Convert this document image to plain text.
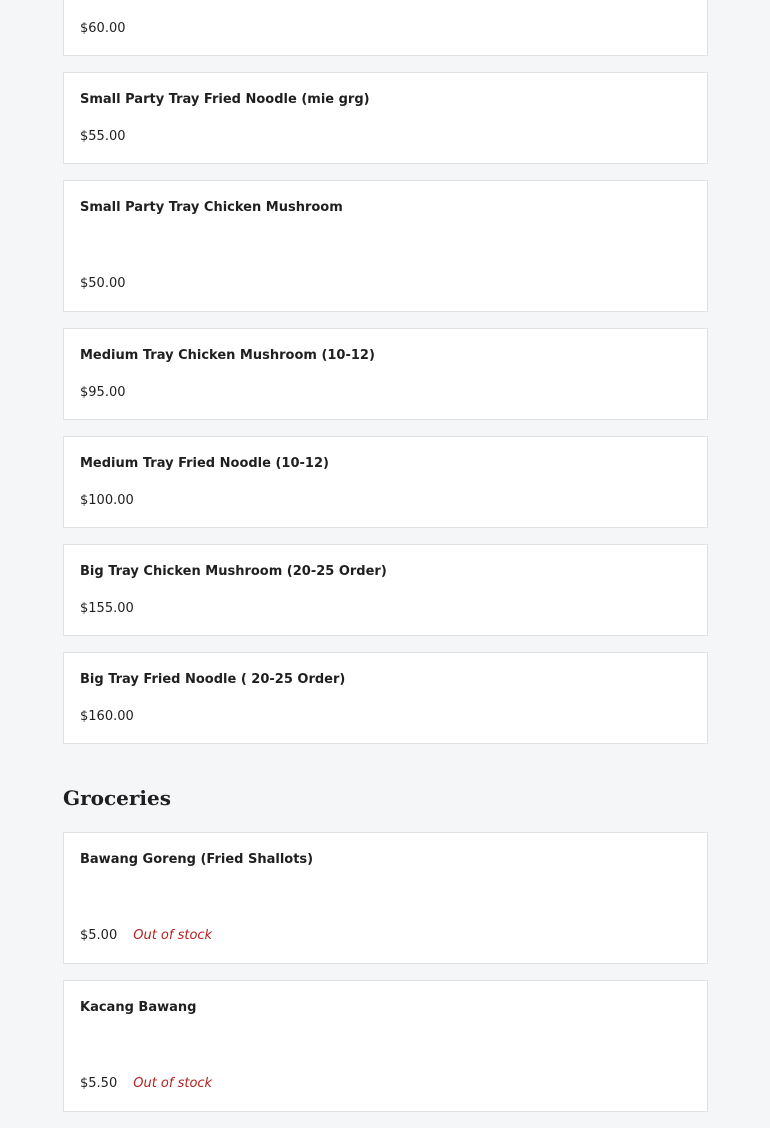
$60.00
Small Party Tray Fried Noodle (mie grg)
$55.00
Small Party Tray Chicken Mushroom
$50.00
Medium Tray Chicken Mushroom (10-12)
$95.00
Medium Tray Fried Noodle (10-12)
$100.00
Big Tray Chicken Mushroom (20-25 Order)
$155.00
Big Tray Fried Noodle ( 20-25 Order)
$160.00
Groceries
Bawang Goreng (Fried Shallots)
$5.00 Out of stock
Kacang Bawang
$5.50 Out of stock
